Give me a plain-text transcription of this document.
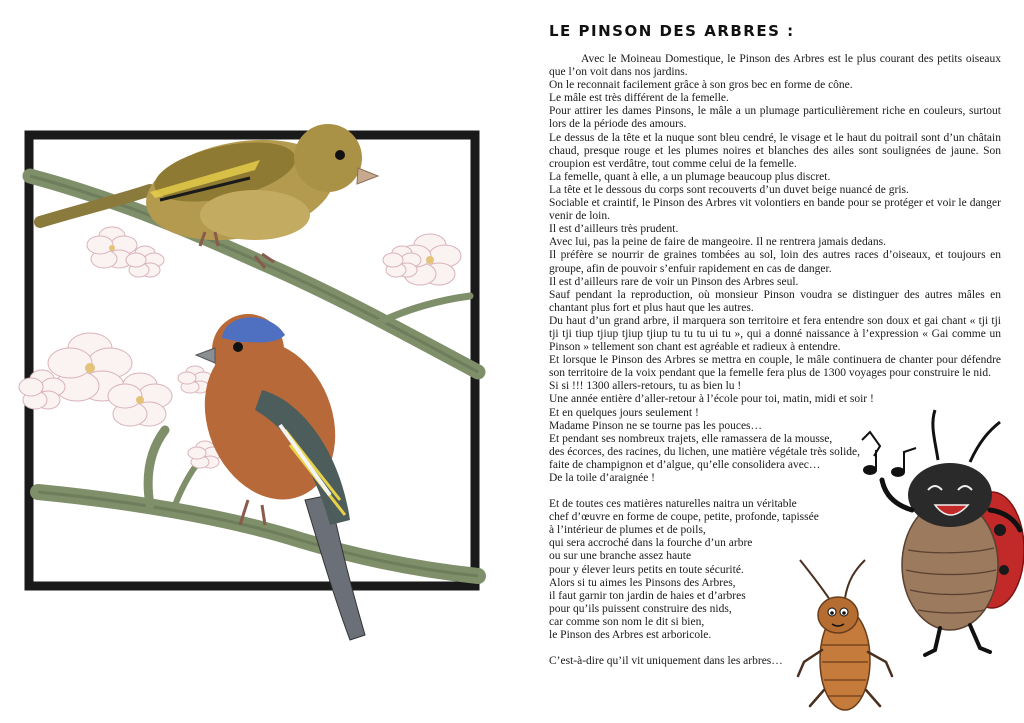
LE PINSON DES ARBRES :

Avec le Moineau Domestique, le Pinson des Arbres est le plus courant des petits oiseaux que l’on voit dans nos jardins.

On le reconnait facilement grâce à son gros bec en forme de cône.

Le mâle est très différent de la femelle.

Pour attirer les dames Pinsons, le mâle a un plumage particulièrement riche en couleurs, surtout lors de la période des amours.

Le dessus de la tête et la nuque sont bleu cendré, le visage et le haut du poitrail sont d’un châtain chaud, presque rouge et les plumes noires et blanches des ailes sont soulignées de jaune. Son croupion est verdâtre, tout comme celui de la femelle.

La femelle, quant à elle, a un plumage beaucoup plus discret.

La tête et le dessous du corps sont recouverts d’un duvet beige nuancé de gris.

Sociable et craintif, le Pinson des Arbres vit volontiers en bande pour se protéger et voir le danger venir de loin.

Il est d’ailleurs très prudent.

Avec lui, pas la peine de faire de mangeoire. Il ne rentrera jamais dedans.

Il préfère se nourrir de graines tombées au sol, loin des autres races d’oiseaux, et toujours en groupe, afin de pouvoir s’enfuir rapidement en cas de danger.

Il est d’ailleurs rare de voir un Pinson des Arbres seul.

Sauf pendant la reproduction, où monsieur Pinson voudra se distinguer des autres mâles en chantant plus fort et plus haut que les autres.

Du haut d’un grand arbre, il marquera son territoire et fera entendre son doux et gai chant « tji tji tji tji tiup tjiup tjiup tjiup tu tu tu ui tu », qui a donné naissance à l’expression « Gai comme un Pinson » tellement son chant est agréable et radieux à entendre.

Et lorsque le Pinson des Arbres se mettra en couple, le mâle continuera de chanter pour défendre son territoire de la voix pendant que la femelle fera plus de 1300 voyages pour construire le nid.

Si si !!! 1300 allers-retours, tu as bien lu !

Une année entière d’aller-retour à l’école pour toi, matin, midi et soir !

Et en quelques jours seulement !

Madame Pinson ne se tourne pas les pouces…

Et pendant ses nombreux trajets, elle ramassera de la mousse,

des écorces, des racines, du lichen, une matière végétale très solide,

faite de champignon et d’algue, qu’elle consolidera avec…

De la toile d’araignée !

Et de toutes ces matières naturelles naitra un véritable chef d’œuvre en forme de coupe, petite, profonde, tapissée à l’intérieur de plumes et de poils,

qui sera accroché dans la fourche d’un arbre

ou sur une branche assez haute

pour y élever leurs petits en toute sécurité.

Alors si tu aimes les Pinsons des Arbres,

il faut garnir ton jardin de haies et d’arbres

pour qu’ils puissent construire des nids,

car comme son nom le dit si bien,

le Pinson des Arbres est arboricole.

C’est-à-dire qu’il vit uniquement dans les arbres…
